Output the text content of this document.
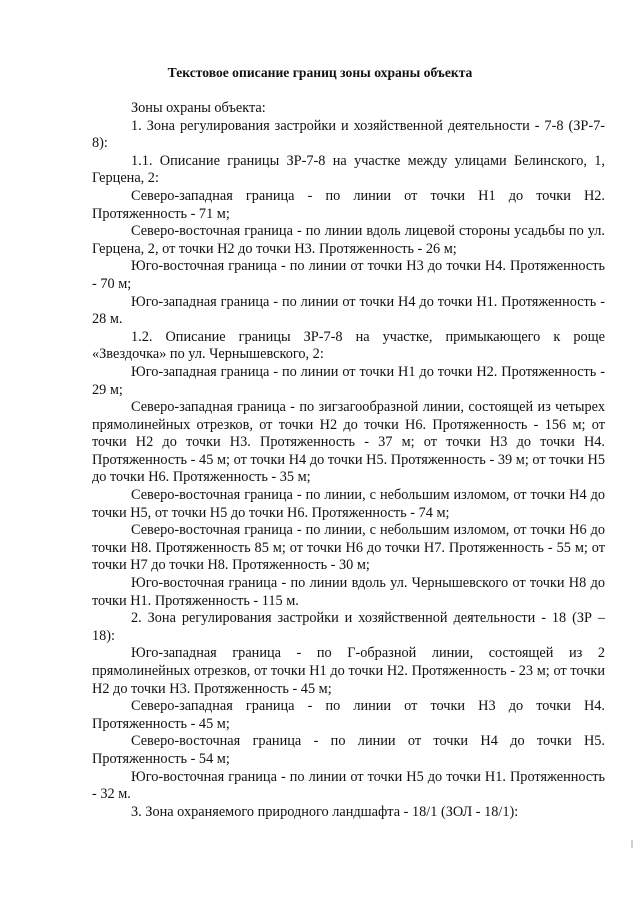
Текстовое описание границ зоны охраны объекта

Зоны охраны объекта:

1. Зона регулирования застройки и хозяйственной деятельности - 7-8 (ЗР-7-8):

1.1. Описание границы ЗР-7-8 на участке между улицами Белинского, 1, Герцена, 2:

Северо-западная граница - по линии от точки Н1 до точки Н2. Протяженность - 71 м;

Северо-восточная граница - по линии вдоль лицевой стороны усадьбы по ул. Герцена, 2, от точки Н2 до точки Н3. Протяженность - 26 м;

Юго-восточная граница - по линии от точки Н3 до точки Н4. Протяженность - 70 м;

Юго-западная граница - по линии от точки Н4 до точки Н1. Протяженность - 28 м.

1.2. Описание границы ЗР-7-8 на участке, примыкающего к роще «Звездочка» по ул. Чернышевского, 2:

Юго-западная граница - по линии от точки Н1 до точки Н2. Протяженность - 29 м;

Северо-западная граница - по зигзагообразной линии, состоящей из четырех прямолинейных отрезков, от точки Н2 до точки Н6. Протяженность - 156 м; от точки Н2 до точки Н3. Протяженность - 37 м; от точки Н3 до точки Н4. Протяженность - 45 м; от точки Н4 до точки Н5. Протяженность - 39 м; от точки Н5 до точки Н6. Протяженность - 35 м;

Северо-восточная граница - по линии, с небольшим изломом, от точки Н4 до точки Н5, от точки Н5 до точки Н6. Протяженность - 74 м;

Северо-восточная граница - по линии, с небольшим изломом, от точки Н6 до точки Н8. Протяженность 85 м; от точки Н6 до точки Н7. Протяженность - 55 м; от точки Н7 до точки Н8. Протяженность - 30 м;

Юго-восточная граница - по линии вдоль ул. Чернышевского от точки Н8 до точки Н1. Протяженность - 115 м.

2. Зона регулирования застройки и хозяйственной деятельности - 18 (ЗР – 18):

Юго-западная граница - по Г-образной линии, состоящей из 2 прямолинейных отрезков, от точки Н1 до точки Н2. Протяженность - 23 м; от точки Н2 до точки Н3. Протяженность - 45 м;

Северо-западная граница - по линии от точки Н3 до точки Н4. Протяженность - 45 м;

Северо-восточная граница - по линии от точки Н4 до точки Н5. Протяженность - 54 м;

Юго-восточная граница - по линии от точки Н5 до точки Н1. Протяженность - 32 м.

3. Зона охраняемого природного ландшафта - 18/1 (ЗОЛ - 18/1):
